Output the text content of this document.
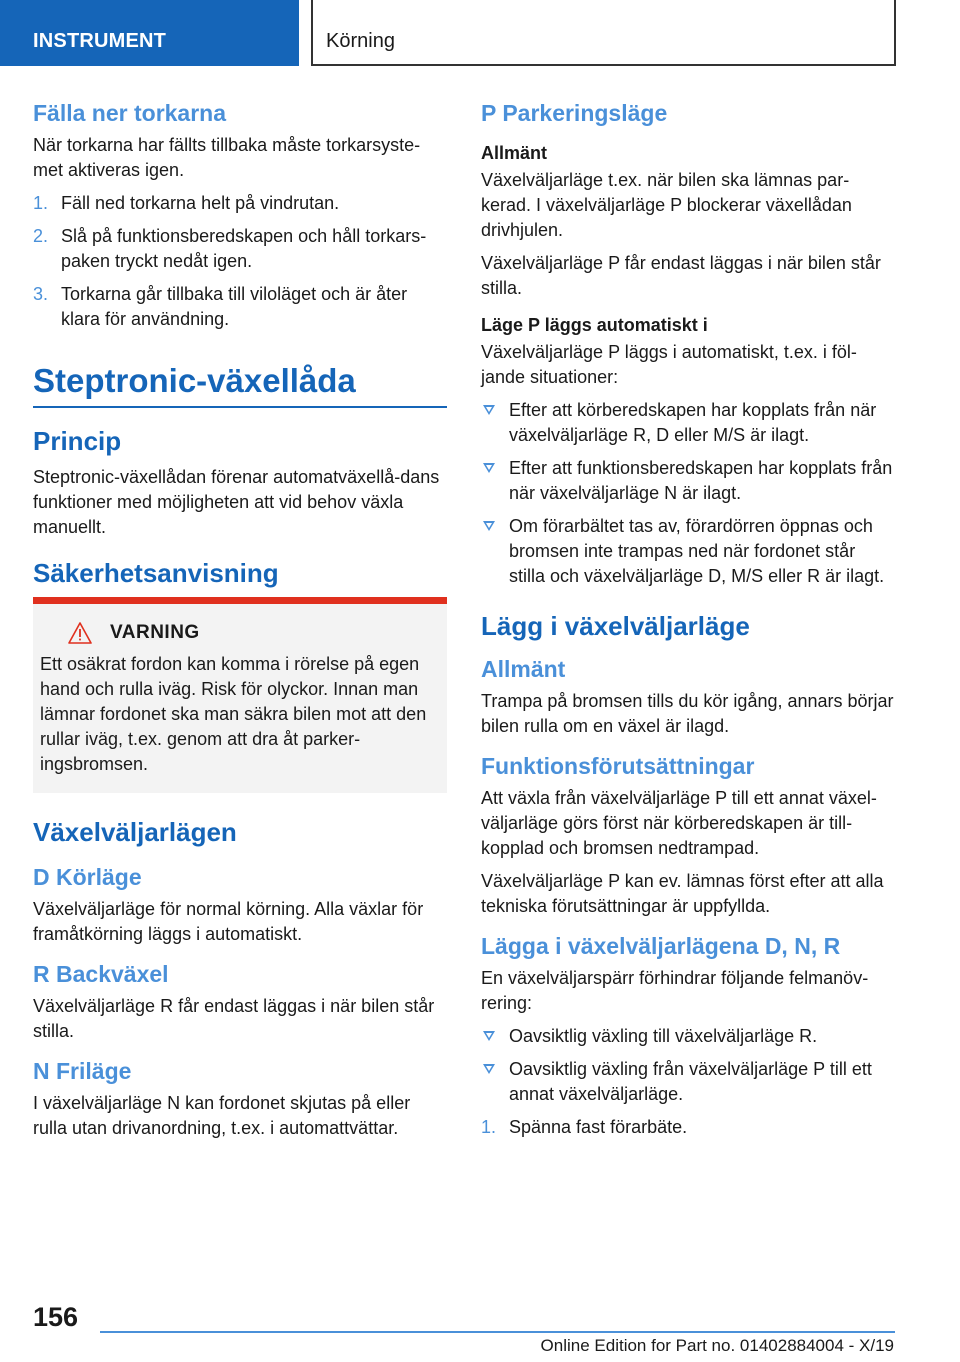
INSTRUMENT	Körning
Fälla ner torkarna

När torkarna har fällts tillbaka måste torkarsyste-met aktiveras igen.

1. Fäll ned torkarna helt på vindrutan.
2. Slå på funktionsberedskapen och håll torkars-paken tryckt nedåt igen.
3. Torkarna går tillbaka till viloläget och är åter klara för användning.
Steptronic-växellåda
Princip

Steptronic-växellådan förenar automatväxellå-dans funktioner med möjligheten att vid behov växla manuellt.

Säkerhetsanvisning
VARNING

Ett osäkrat fordon kan komma i rörelse på egen hand och rulla iväg. Risk för olyckor. Innan man lämnar fordonet ska man säkra bilen mot att den rullar iväg, t.ex. genom att dra åt parker-ingsbromsen.

Växelväljarlägen
D Körläge

Växelväljarläge för normal körning. Alla växlar för framåtkörning läggs i automatiskt.

R Backväxel

Växelväljarläge R får endast läggas i när bilen står stilla.

N Friläge

I växelväljarläge N kan fordonet skjutas på eller rulla utan drivanordning, t.ex. i automattvättar.

P Parkeringsläge
Allmänt

Växelväljarläge t.ex. när bilen ska lämnas par-kerad. I växelväljarläge P blockerar växellådan drivhjulen.

Växelväljarläge P får endast läggas i när bilen står stilla.

Läge P läggs automatiskt i

Växelväljarläge P läggs i automatiskt, t.ex. i föl-jande situationer:

Efter att körberedskapen har kopplats från när växelväljarläge R, D eller M/S är ilagt.
Efter att funktionsberedskapen har kopplats från när växelväljarläge N är ilagt.
Om förarbältet tas av, förardörren öppnas och bromsen inte trampas ned när fordonet står stilla och växelväljarläge D, M/S eller R är ilagt.
Lägg i växelväljarläge
Allmänt

Trampa på bromsen tills du kör igång, annars börjar bilen rulla om en växel är ilagd.

Funktionsförutsättningar

Att växla från växelväljarläge P till ett annat växel-väljarläge görs först när körberedskapen är till-kopplad och bromsen nedtrampad.

Växelväljarläge P kan ev. lämnas först efter att alla tekniska förutsättningar är uppfyllda.

Lägga i växelväljarlägena D, N, R

En växelväljarspärr förhindrar följande felmanöv-rering:

Oavsiktlig växling till växelväljarläge R.
Oavsiktlig växling från växelväljarläge P till ett annat växelväljarläge.
1. Spänna fast förarbäte.
156
Online Edition for Part no. 01402884004 - X/19
